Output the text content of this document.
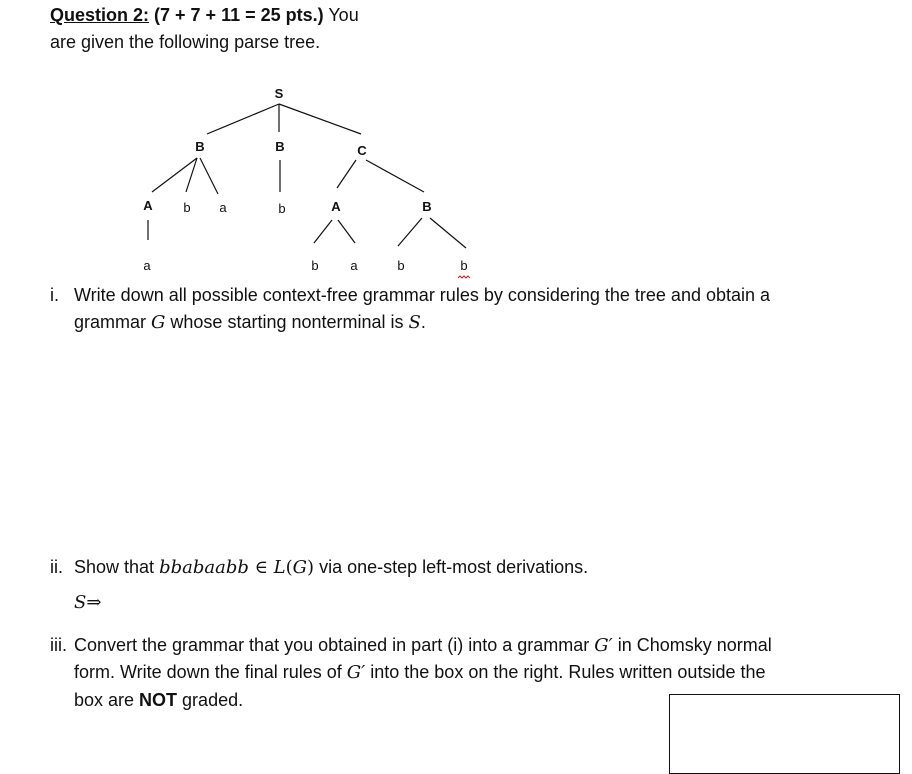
Question 2: (7 + 7 + 11 = 25 pts.) You
are given the following parse tree.
S
B	B	C
A b a	b	A	B
a	b a	b	b
i. Write down all possible context-free grammar rules by considering the tree and obtain a
grammar G whose starting nonterminal is S.
ii. Show that bbabaabb ∈ L(G) via one-step left-most derivations.
S⇒
iii. Convert the grammar that you obtained in part (i) into a grammar G′ in Chomsky normal
form. Write down the final rules of G′ into the box on the right. Rules written outside the
box are NOT graded.
